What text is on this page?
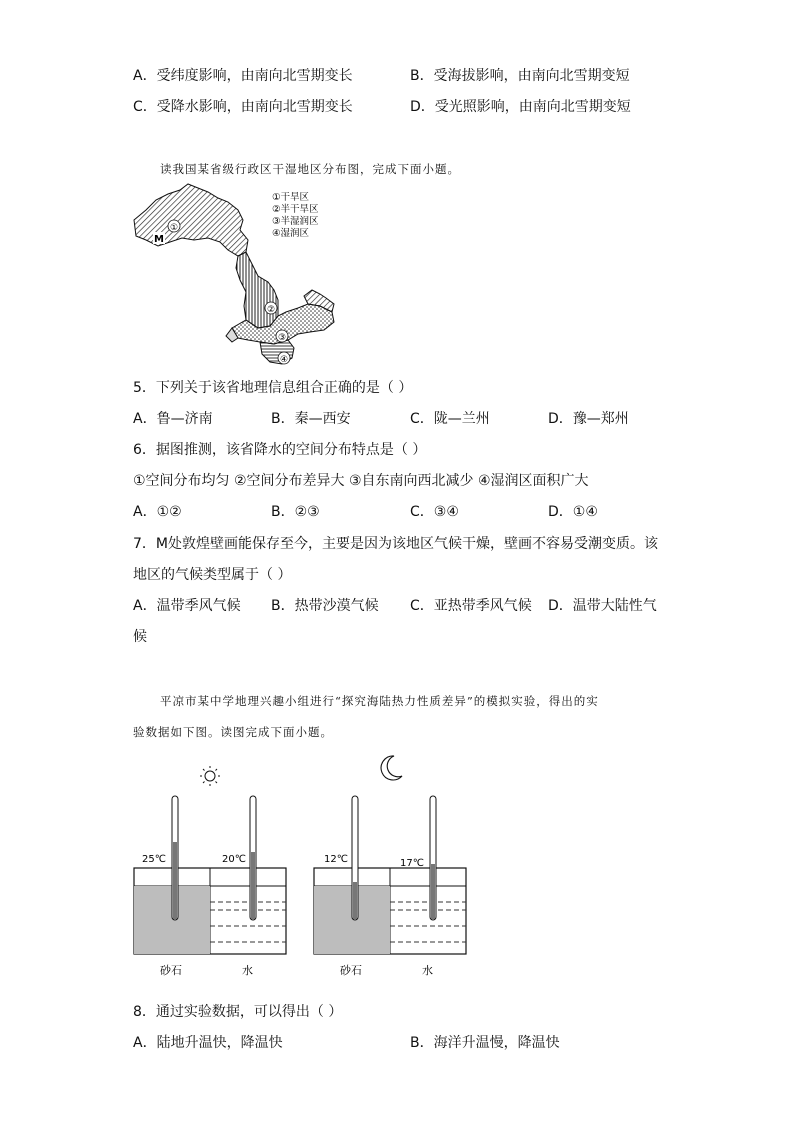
A．受纬度影响，由南向北雪期变长	B．受海拔影响，由南向北雪期变短
C．受降水影响，由南向北雪期变长	D．受光照影响，由南向北雪期变短
读我国某省级行政区干湿地区分布图，完成下面小题。
①
②
③
④
M
①干旱区
②半干旱区
③半湿润区
④湿润区
5．下列关于该省地理信息组合正确的是（ ）
A．鲁—济南	B．秦—西安	C．陇—兰州	D．豫—郑州
6．据图推测，该省降水的空间分布特点是（ ）
①空间分布均匀 ②空间分布差异大 ③自东南向西北减少 ④湿润区面积广大
A．①②	B．②③	C．③④	D．①④
7．M处敦煌壁画能保存至今，主要是因为该地区气候干燥，壁画不容易受潮变质。该
地区的气候类型属于（ ）
A．温带季风气候 B．热带沙漠气候 C．亚热带季风气候 D．温带大陆性气
候
平凉市某中学地理兴趣小组进行“探究海陆热力性质差异”的模拟实验，得出的实
验数据如下图。读图完成下面小题。
25℃	20℃
砂石	水
12℃	17℃
砂石	水
8．通过实验数据，可以得出（ ）
A．陆地升温快，降温快	B．海洋升温慢，降温快
